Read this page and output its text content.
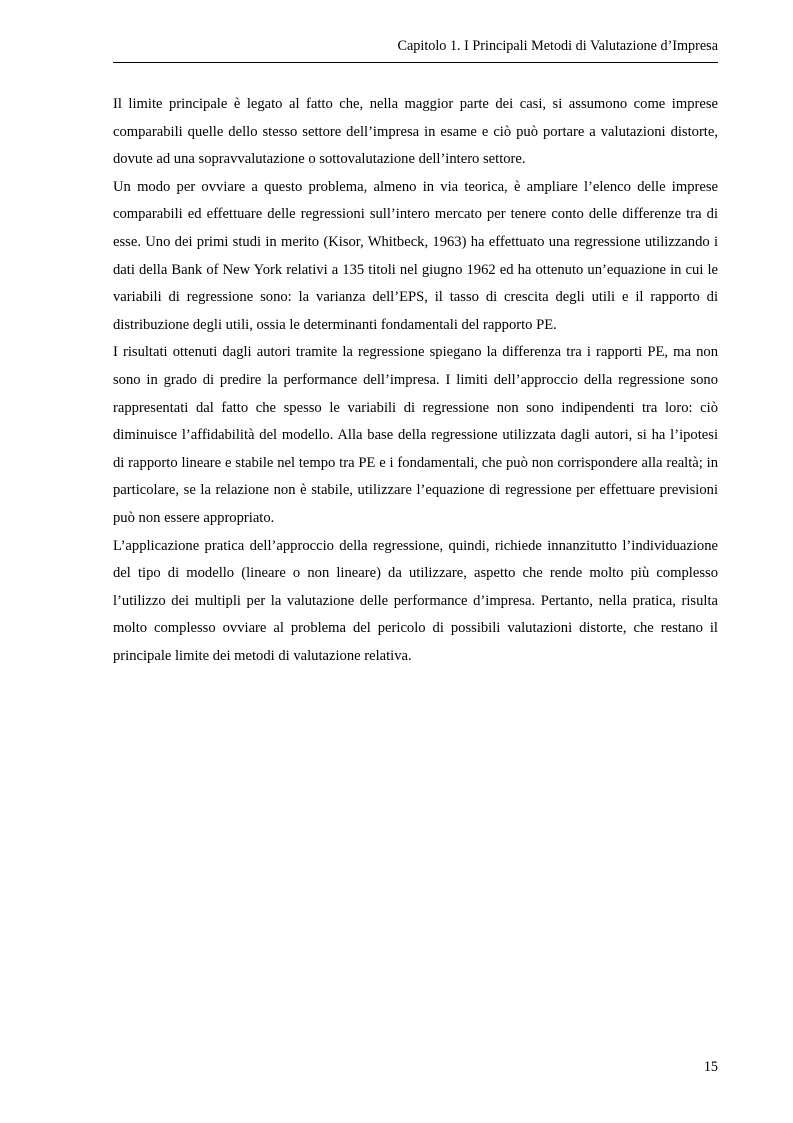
Capitolo 1. I Principali Metodi di Valutazione d’Impresa

Il limite principale è legato al fatto che, nella maggior parte dei casi, si assumono come imprese comparabili quelle dello stesso settore dell’impresa in esame e ciò può portare a valutazioni distorte, dovute ad una sopravvalutazione o sottovalutazione dell’intero settore.

Un modo per ovviare a questo problema, almeno in via teorica, è ampliare l’elenco delle imprese comparabili ed effettuare delle regressioni sull’intero mercato per tenere conto delle differenze tra di esse. Uno dei primi studi in merito (Kisor, Whitbeck, 1963) ha effettuato una regressione utilizzando i dati della Bank of New York relativi a 135 titoli nel giugno 1962 ed ha ottenuto un’equazione in cui le variabili di regressione sono: la varianza dell’EPS, il tasso di crescita degli utili e il rapporto di distribuzione degli utili, ossia le determinanti fondamentali del rapporto PE.

I risultati ottenuti dagli autori tramite la regressione spiegano la differenza tra i rapporti PE, ma non sono in grado di predire la performance dell’impresa. I limiti dell’approccio della regressione sono rappresentati dal fatto che spesso le variabili di regressione non sono indipendenti tra loro: ciò diminuisce l’affidabilità del modello. Alla base della regressione utilizzata dagli autori, si ha l’ipotesi di rapporto lineare e stabile nel tempo tra PE e i fondamentali, che può non corrispondere alla realtà; in particolare, se la relazione non è stabile, utilizzare l’equazione di regressione per effettuare previsioni può non essere appropriato.

L’applicazione pratica dell’approccio della regressione, quindi, richiede innanzitutto l’individuazione del tipo di modello (lineare o non lineare) da utilizzare, aspetto che rende molto più complesso l’utilizzo dei multipli per la valutazione delle performance d’impresa. Pertanto, nella pratica, risulta molto complesso ovviare al problema del pericolo di possibili valutazioni distorte, che restano il principale limite dei metodi di valutazione relativa.

15
